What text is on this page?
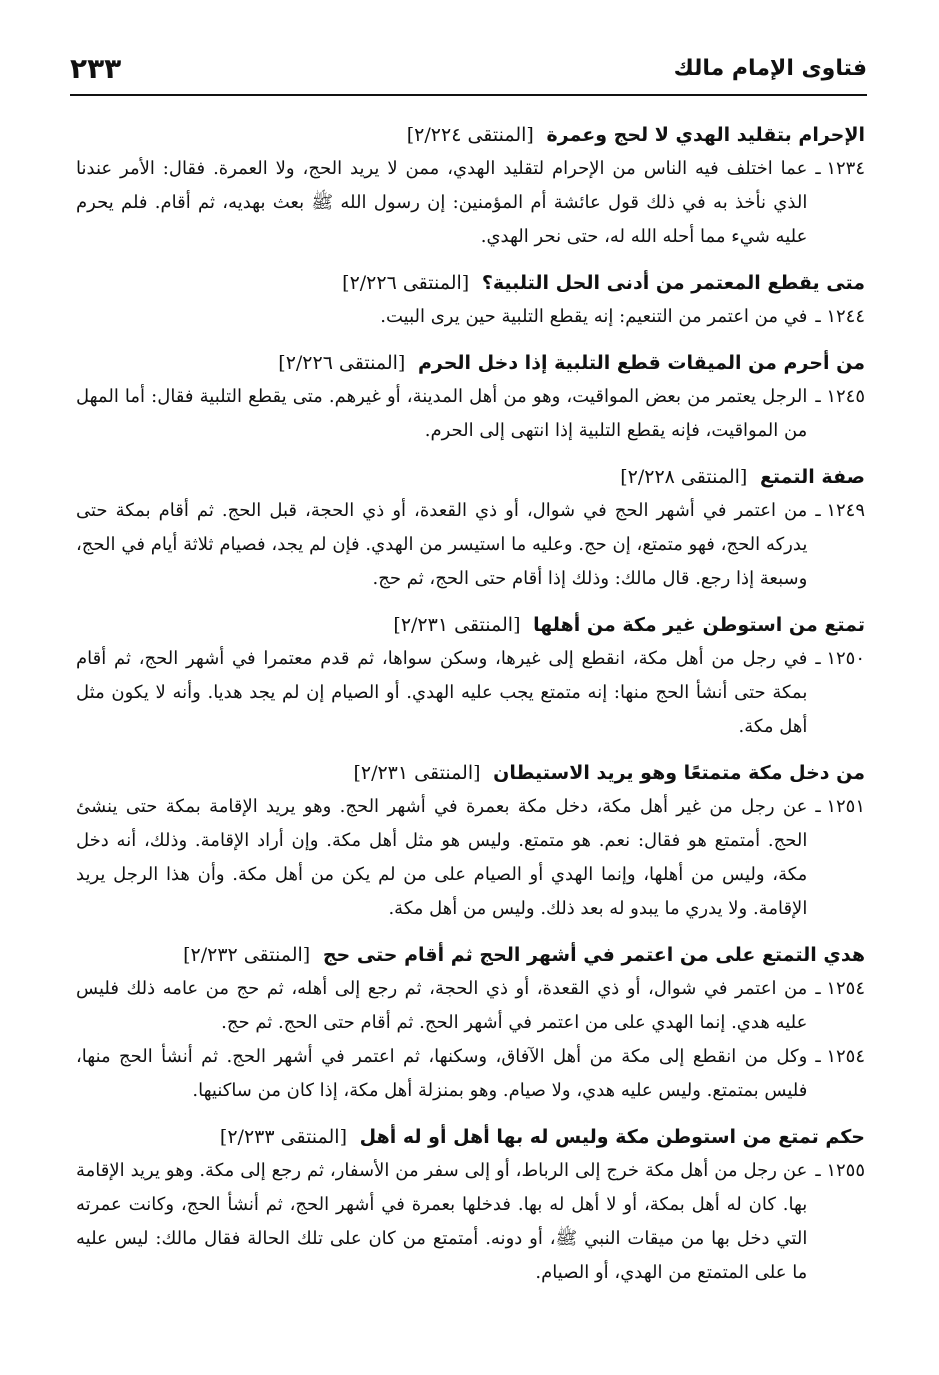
فتاوى الإمام مالك
٢٣٣
الإحرام بتقليد الهدي لا لحج وعمرة [المنتقى ٢/٢٢٤]
١٢٣٤ ـ
عما اختلف فيه الناس من الإحرام لتقليد الهدي، ممن لا يريد الحج، ولا العمرة. فقال: الأمر عندنا الذي نأخذ به في ذلك قول عائشة أم المؤمنين: إن رسول الله ﷺ بعث بهديه، ثم أقام. فلم يحرم عليه شيء مما أحله الله له، حتى نحر الهدي.
متى يقطع المعتمر من أدنى الحل التلبية؟ [المنتقى ٢/٢٢٦]
١٢٤٤ ـ
في من اعتمر من التنعيم: إنه يقطع التلبية حين يرى البيت.
من أحرم من الميقات قطع التلبية إذا دخل الحرم [المنتقى ٢/٢٢٦]
١٢٤٥ ـ
الرجل يعتمر من بعض المواقيت، وهو من أهل المدينة، أو غيرهم. متى يقطع التلبية فقال: أما المهل من المواقيت، فإنه يقطع التلبية إذا انتهى إلى الحرم.
صفة التمتع [المنتقى ٢/٢٢٨]
١٢٤٩ ـ
من اعتمر في أشهر الحج في شوال، أو ذي القعدة، أو ذي الحجة، قبل الحج. ثم أقام بمكة حتى يدركه الحج، فهو متمتع، إن حج. وعليه ما استيسر من الهدي. فإن لم يجد، فصيام ثلاثة أيام في الحج، وسبعة إذا رجع. قال مالك: وذلك إذا أقام حتى الحج، ثم حج.
تمتع من استوطن غير مكة من أهلها [المنتقى ٢/٢٣١]
١٢٥٠ ـ
في رجل من أهل مكة، انقطع إلى غيرها، وسكن سواها، ثم قدم معتمرا في أشهر الحج، ثم أقام بمكة حتى أنشأ الحج منها: إنه متمتع يجب عليه الهدي. أو الصيام إن لم يجد هديا. وأنه لا يكون مثل أهل مكة.
من دخل مكة متمتعًا وهو يريد الاستيطان [المنتقى ٢/٢٣١]
١٢٥١ ـ
عن رجل من غير أهل مكة، دخل مكة بعمرة في أشهر الحج. وهو يريد الإقامة بمكة حتى ينشئ الحج. أمتمتع هو فقال: نعم. هو متمتع. وليس هو مثل أهل مكة. وإن أراد الإقامة. وذلك، أنه دخل مكة، وليس من أهلها، وإنما الهدي أو الصيام على من لم يكن من أهل مكة. وأن هذا الرجل يريد الإقامة. ولا يدري ما يبدو له بعد ذلك. وليس من أهل مكة.
هدي التمتع على من اعتمر في أشهر الحج ثم أقام حتى حج [المنتقى ٢/٢٣٢]
١٢٥٤ ـ
من اعتمر في شوال، أو ذي القعدة، أو ذي الحجة، ثم رجع إلى أهله، ثم حج من عامه ذلك فليس عليه هدي. إنما الهدي على من اعتمر في أشهر الحج. ثم أقام حتى الحج. ثم حج.
١٢٥٤ ـ
وكل من انقطع إلى مكة من أهل الآفاق، وسكنها، ثم اعتمر في أشهر الحج. ثم أنشأ الحج منها، فليس بمتمتع. وليس عليه هدي، ولا صيام. وهو بمنزلة أهل مكة، إذا كان من ساكنيها.
حكم تمتع من استوطن مكة وليس له بها أهل أو له أهل [المنتقى ٢/٢٣٣]
١٢٥٥ ـ
عن رجل من أهل مكة خرج إلى الرباط، أو إلى سفر من الأسفار، ثم رجع إلى مكة. وهو يريد الإقامة بها. كان له أهل بمكة، أو لا أهل له بها. فدخلها بعمرة في أشهر الحج، ثم أنشأ الحج، وكانت عمرته التي دخل بها من ميقات النبي ﷺ، أو دونه. أمتمتع من كان على تلك الحالة فقال مالك: ليس عليه ما على المتمتع من الهدي، أو الصيام.
